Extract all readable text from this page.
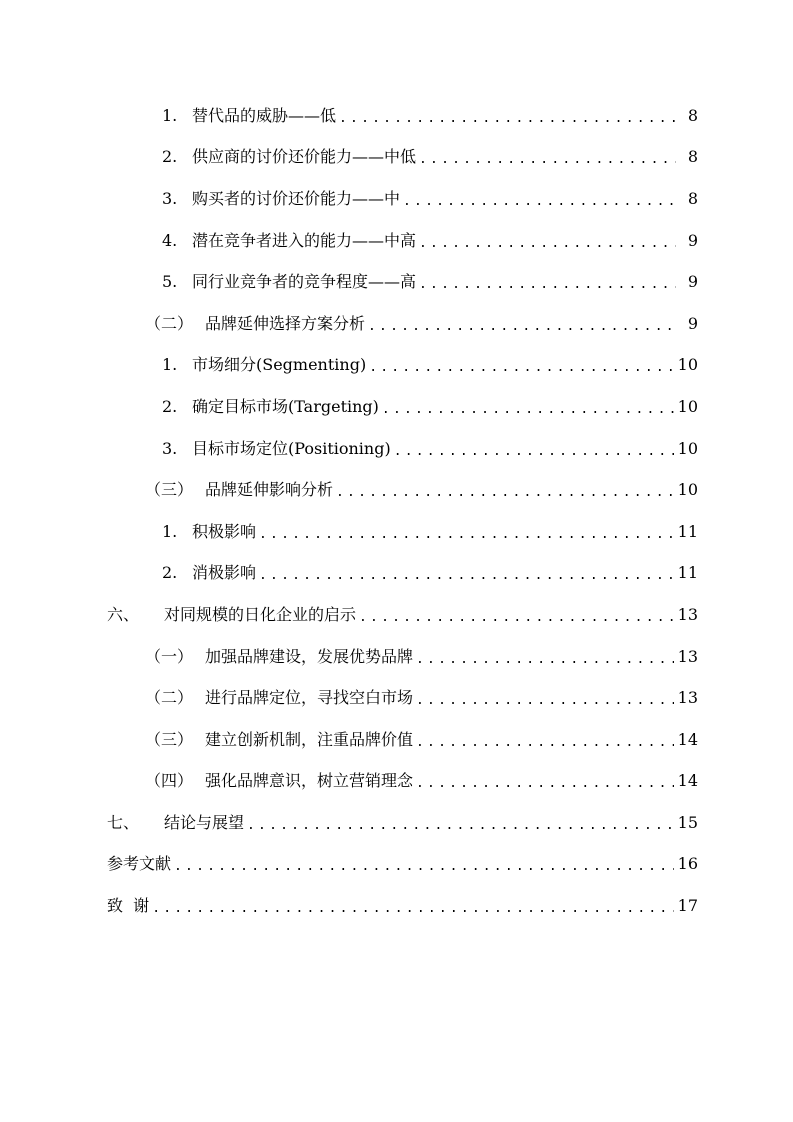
1. 替代品的威胁——低 .....	8
2. 供应商的讨价还价能力——中低 .....	8
3. 购买者的讨价还价能力——中 .....	8
4. 潜在竞争者进入的能力——中高 .....	9
5. 同行业竞争者的竞争程度——高 .....	9
（二） 品牌延伸选择方案分析 .....	9
1. 市场细分(Segmenting) .....	10
2. 确定目标市场(Targeting) .....	10
3. 目标市场定位(Positioning) .....	10
（三） 品牌延伸影响分析 .....	10
1. 积极影响 .....	11
2. 消极影响 .....	11
六、	对同规模的日化企业的启示 .....	13
（一） 加强品牌建设，发展优势品牌 .....	13
（二） 进行品牌定位，寻找空白市场 .....	13
（三） 建立创新机制，注重品牌价值 .....	14
（四） 强化品牌意识，树立营销理念 .....	14
七、	结论与展望 .....	15
参考文献 .....	16
致  谢 .....	17
